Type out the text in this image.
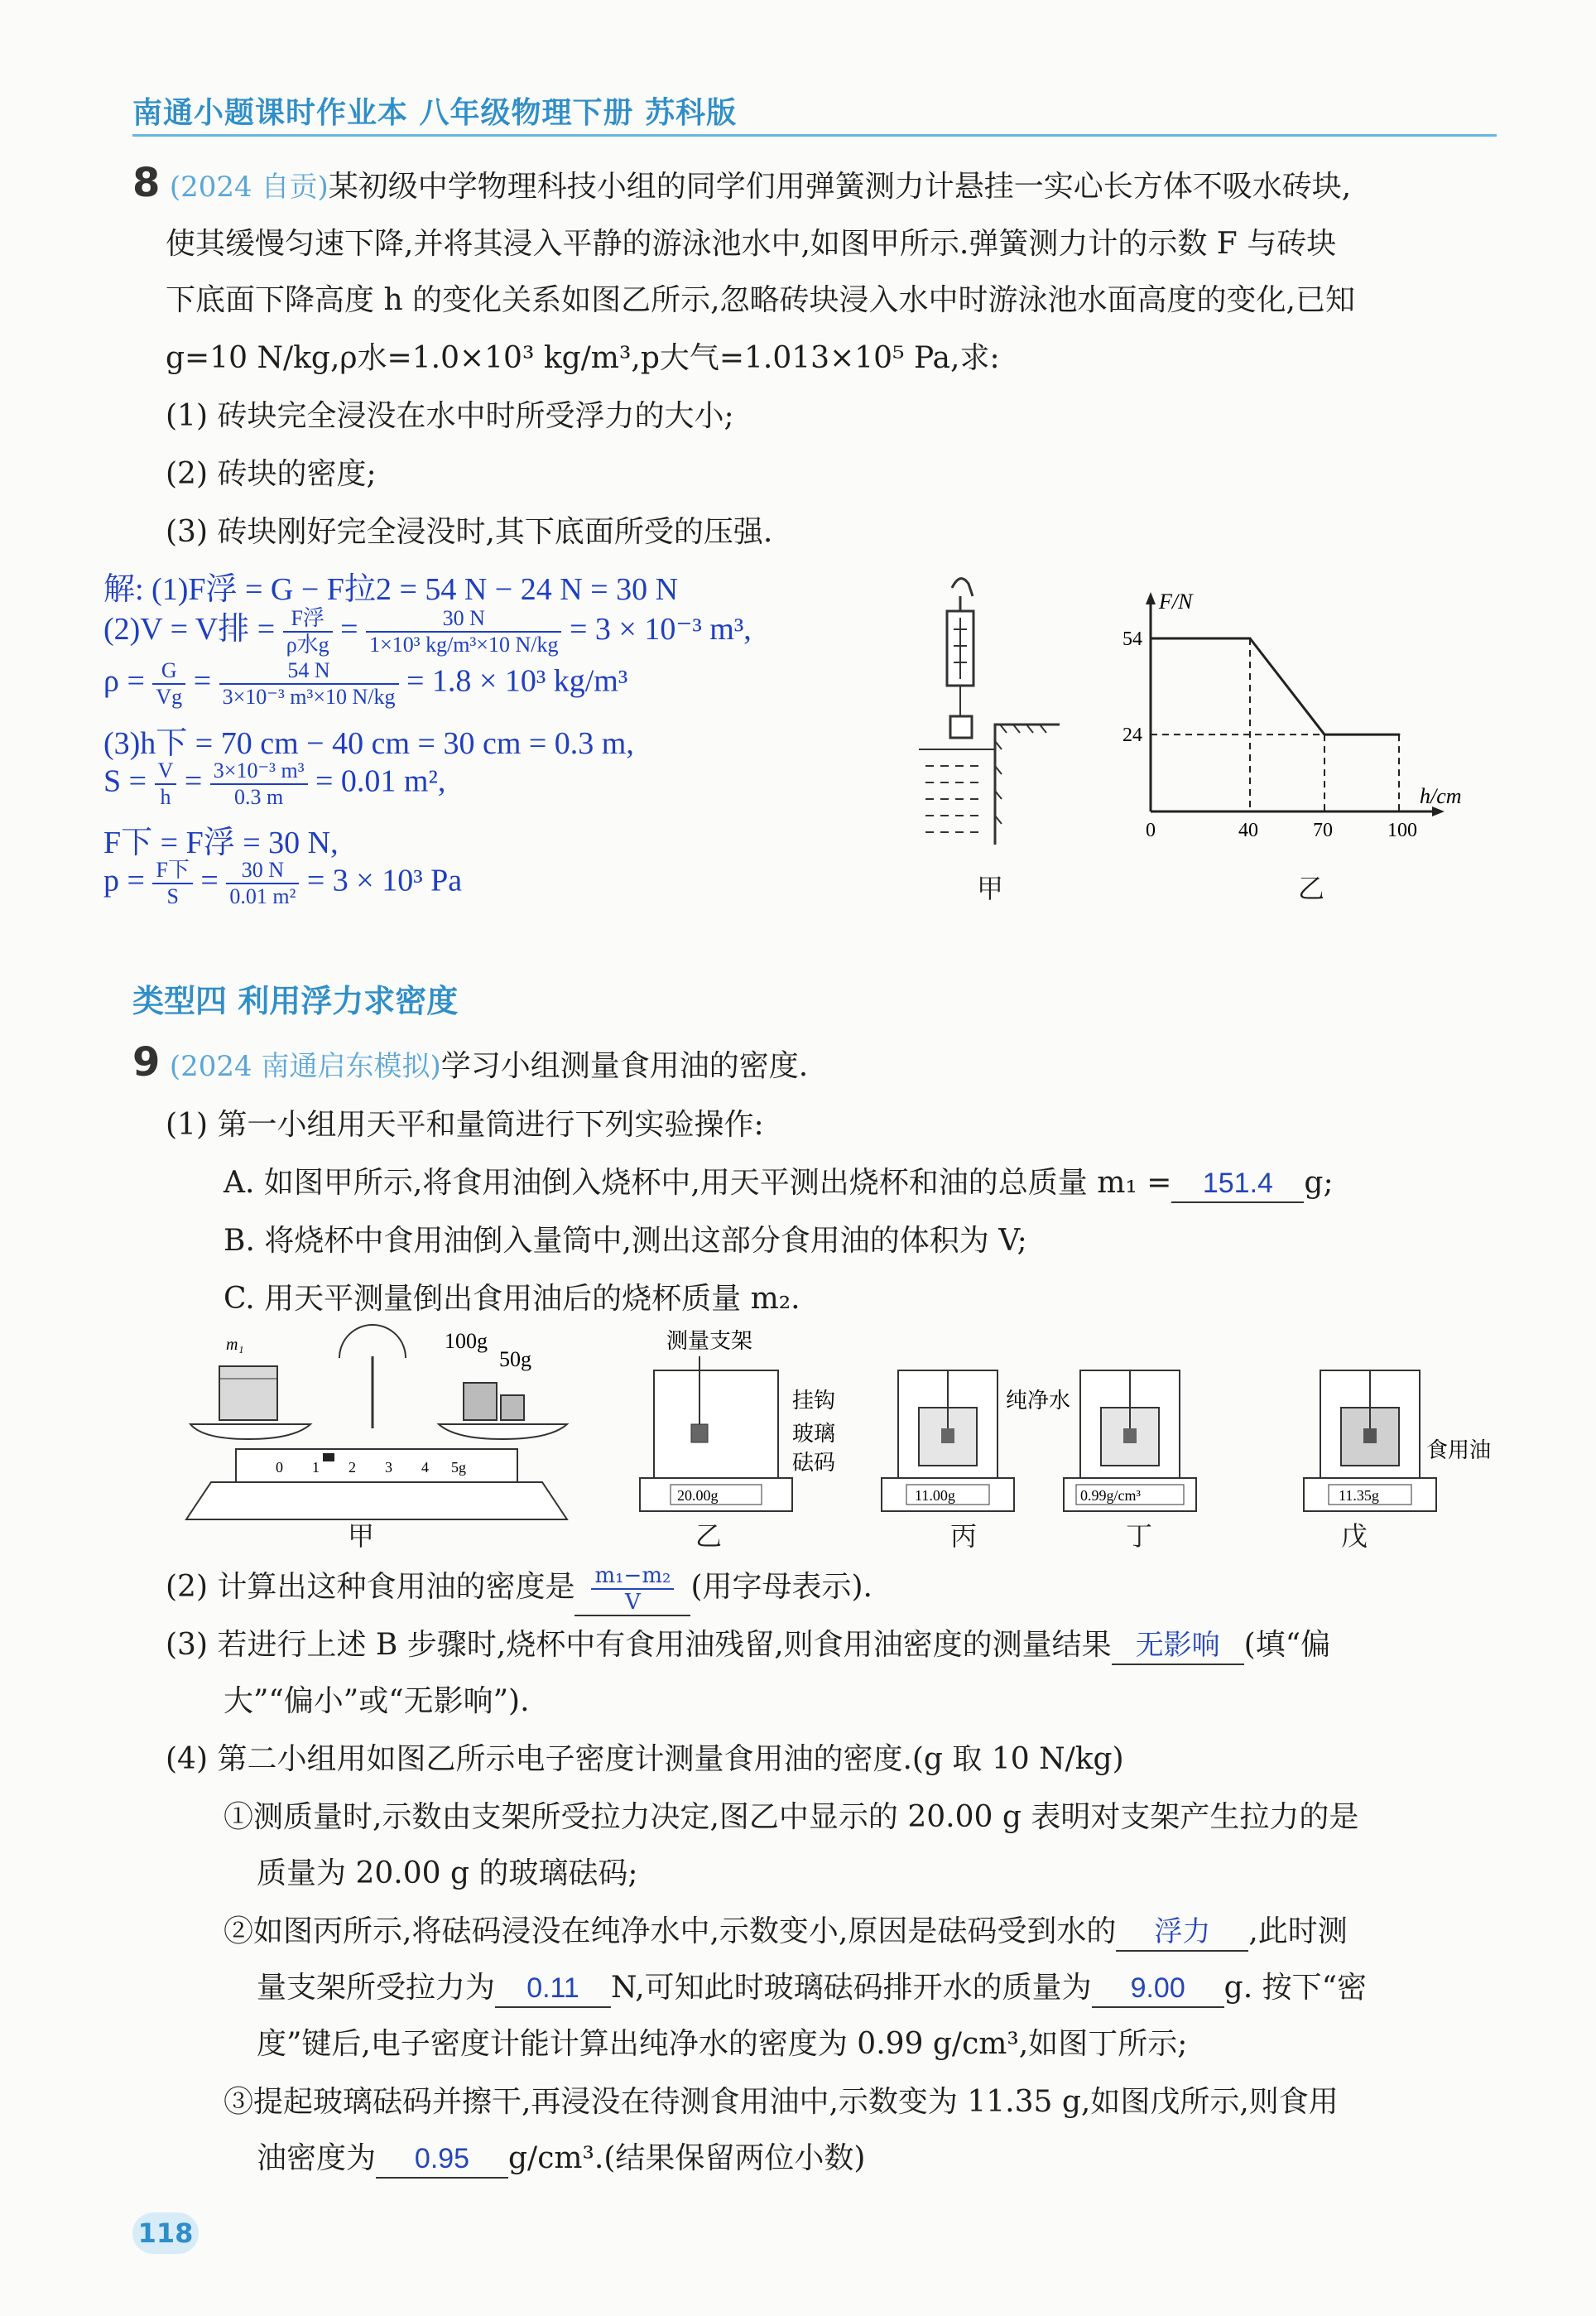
南通小题课时作业本 八年级物理下册 苏科版
8 (2024 自贡)某初级中学物理科技小组的同学们用弹簧测力计悬挂一实心长方体不吸水砖块,
使其缓慢匀速下降,并将其浸入平静的游泳池水中,如图甲所示.弹簧测力计的示数 F 与砖块
下底面下降高度 h 的变化关系如图乙所示,忽略砖块浸入水中时游泳池水面高度的变化,已知
g=10 N/kg,ρ水=1.0×10³ kg/m³,p大气=1.013×10⁵ Pa,求:
(1) 砖块完全浸没在水中时所受浮力的大小;
(2) 砖块的密度;
(3) 砖块刚好完全浸没时,其下底面所受的压强.
解: (1)F浮 = G − F拉2 = 54 N − 24 N = 30 N
(2)V = V排 = $\frac{\text{F浮}}{\text{ρ水g}} = \frac{30 N}{\text{1×10³ kg/m³×10 N/kg}} = 3 \times 10^{-3}$ m³,
$\rho = \frac{G}{Vg} = \frac{54 N}{\text{3×10⁻³ m³×10 N/kg}} = 1.8 \times 10^3$ kg/m³
(3)h下 = 70 cm − 40 cm = 30 cm = 0.3 m,
$S = \frac{V}{h} = \frac{\text{3×10⁻³ m³}}{0.3 m} = 0.01$ m²,
F下 = F浮 = 30 N,
$p = \frac{\text{F下}}{S} = \frac{30 N}{\text{0.01 m²}} = 3 \times 10^3$ Pa	甲
0	40	70	100
24
54
F/N
h/cm
乙
类型四 利用浮力求密度
9 (2024 南通启东模拟)学习小组测量食用油的密度.
(1) 第一小组用天平和量筒进行下列实验操作:
A. 如图甲所示,将食用油倒入烧杯中,用天平测出烧杯和油的总质量 m₁ = 151.4 g;
B. 将烧杯中食用油倒入量筒中,测出这部分食用油的体积为 V;
C. 用天平测量倒出食用油后的烧杯质量 m₂.
m₁	100g
50g
0 1 2 3 4 5g
测量支架
挂钩
玻璃
砝码
20.00g	11.00g
纯净水
0.99g/cm³	11.35g
食用油
甲	乙	丙	丁	戊
(2) 计算出这种食用油的密度是 $\frac{\text{m₁−m₂}}{V}$ (用字母表示).
(3) 若进行上述 B 步骤时,烧杯中有食用油残留,则食用油密度的测量结果 无影响 (填“偏
大”“偏小”或“无影响”).
(4) 第二小组用如图乙所示电子密度计测量食用油的密度.(g 取 10 N/kg)
①测质量时,示数由支架所受拉力决定,图乙中显示的 20.00 g 表明对支架产生拉力的是
质量为 20.00 g 的玻璃砝码;
②如图丙所示,将砝码浸没在纯净水中,示数变小,原因是砝码受到水的 浮力 ,此时测
量支架所受拉力为 0.11 N,可知此时玻璃砝码排开水的质量为 9.00 g. 按下“密
度”键后,电子密度计能计算出纯净水的密度为 0.99 g/cm³,如图丁所示;
③提起玻璃砝码并擦干,再浸没在待测食用油中,示数变为 11.35 g,如图戊所示,则食用
油密度为 0.95 g/cm³.(结果保留两位小数)
118
